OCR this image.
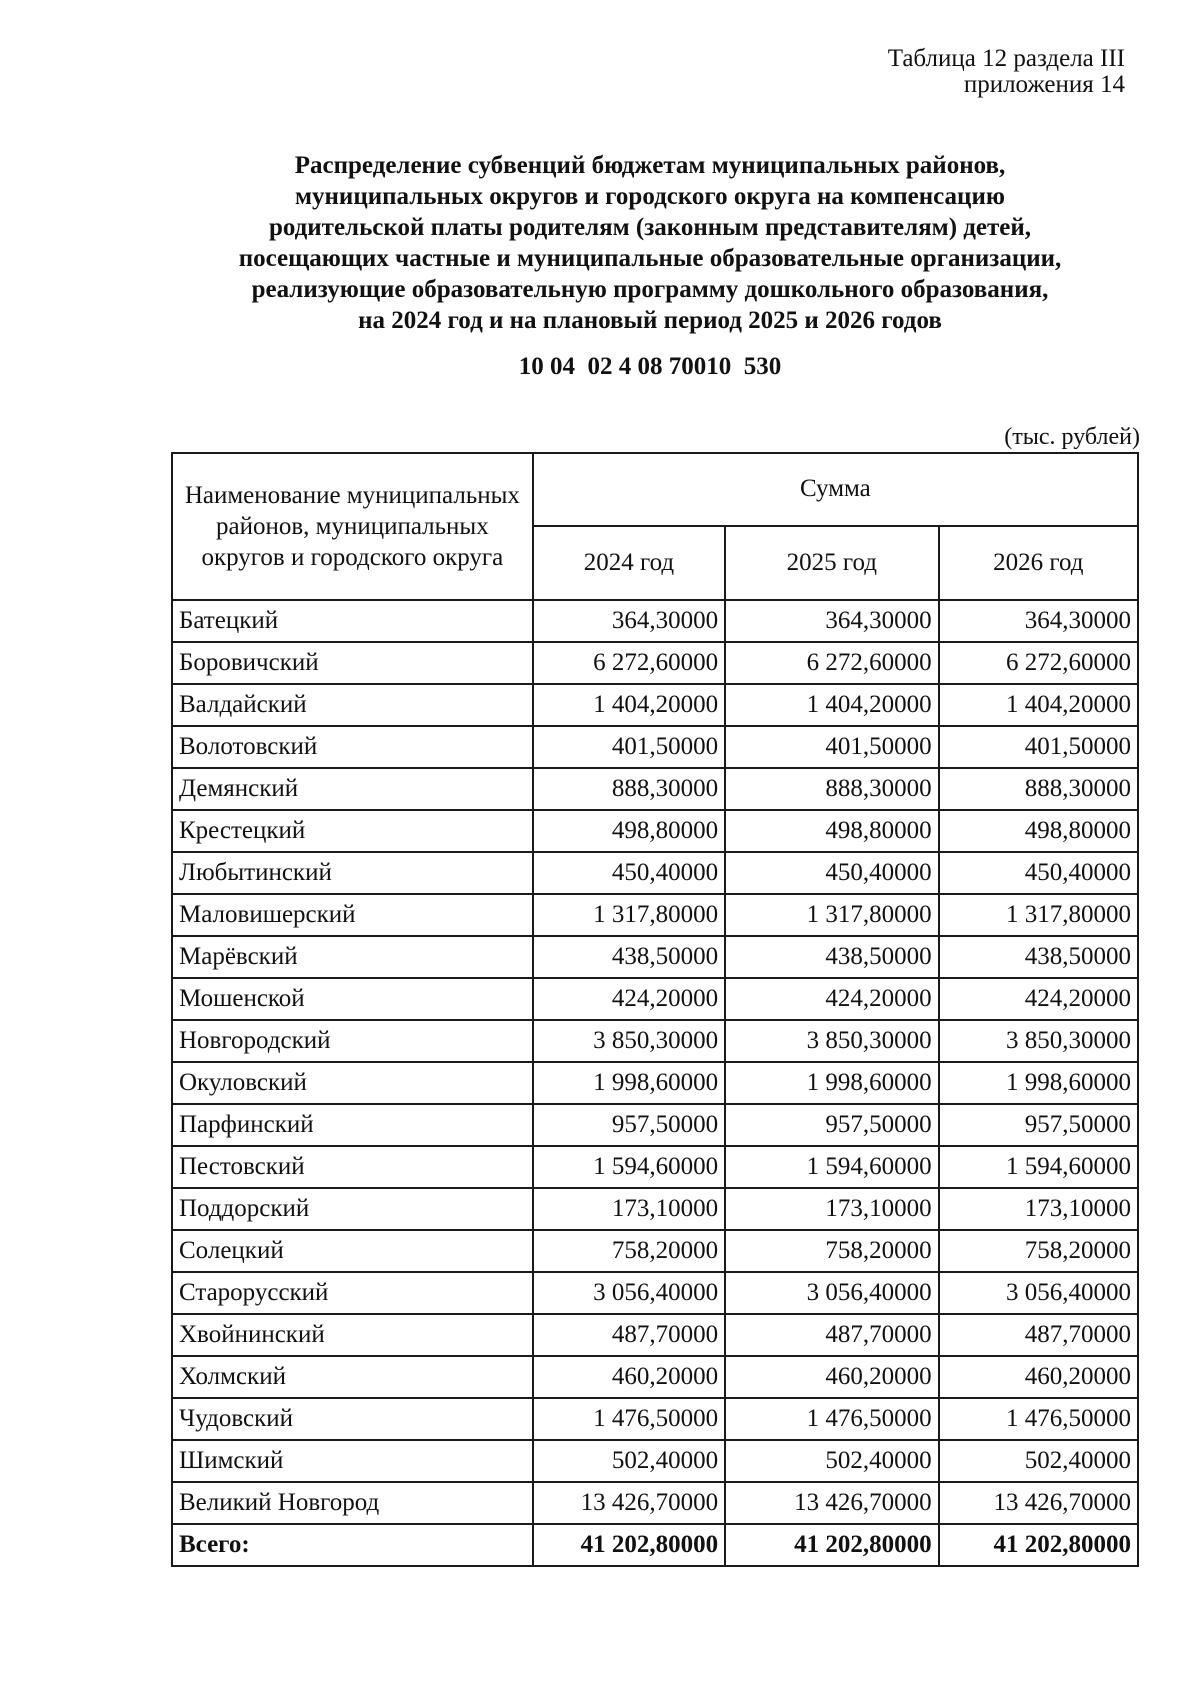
Таблица 12 раздела III
приложения 14
Распределение субвенций бюджетам муниципальных районов,
муниципальных округов и городского округа на компенсацию
родительской платы родителям (законным представителям) детей,
посещающих частные и муниципальные образовательные организации,
реализующие образовательную программу дошкольного образования,
на 2024 год и на плановый период 2025 и 2026 годов
10 04  02 4 08 70010  530
(тыс. рублей)
Наименование муниципальных районов, муниципальных округов и городского округа	Сумма		
	2024 год	2025 год	2026 год
Батецкий	364,30000	364,30000	364,30000
Боровичский	6 272,60000	6 272,60000	6 272,60000
Валдайский	1 404,20000	1 404,20000	1 404,20000
Волотовский	401,50000	401,50000	401,50000
Демянский	888,30000	888,30000	888,30000
Крестецкий	498,80000	498,80000	498,80000
Любытинский	450,40000	450,40000	450,40000
Маловишерский	1 317,80000	1 317,80000	1 317,80000
Марёвский	438,50000	438,50000	438,50000
Мошенской	424,20000	424,20000	424,20000
Новгородский	3 850,30000	3 850,30000	3 850,30000
Окуловский	1 998,60000	1 998,60000	1 998,60000
Парфинский	957,50000	957,50000	957,50000
Пестовский	1 594,60000	1 594,60000	1 594,60000
Поддорский	173,10000	173,10000	173,10000
Солецкий	758,20000	758,20000	758,20000
Старорусский	3 056,40000	3 056,40000	3 056,40000
Хвойнинский	487,70000	487,70000	487,70000
Холмский	460,20000	460,20000	460,20000
Чудовский	1 476,50000	1 476,50000	1 476,50000
Шимский	502,40000	502,40000	502,40000
Великий Новгород	13 426,70000	13 426,70000	13 426,70000
Всего:	41 202,80000	41 202,80000	41 202,80000
